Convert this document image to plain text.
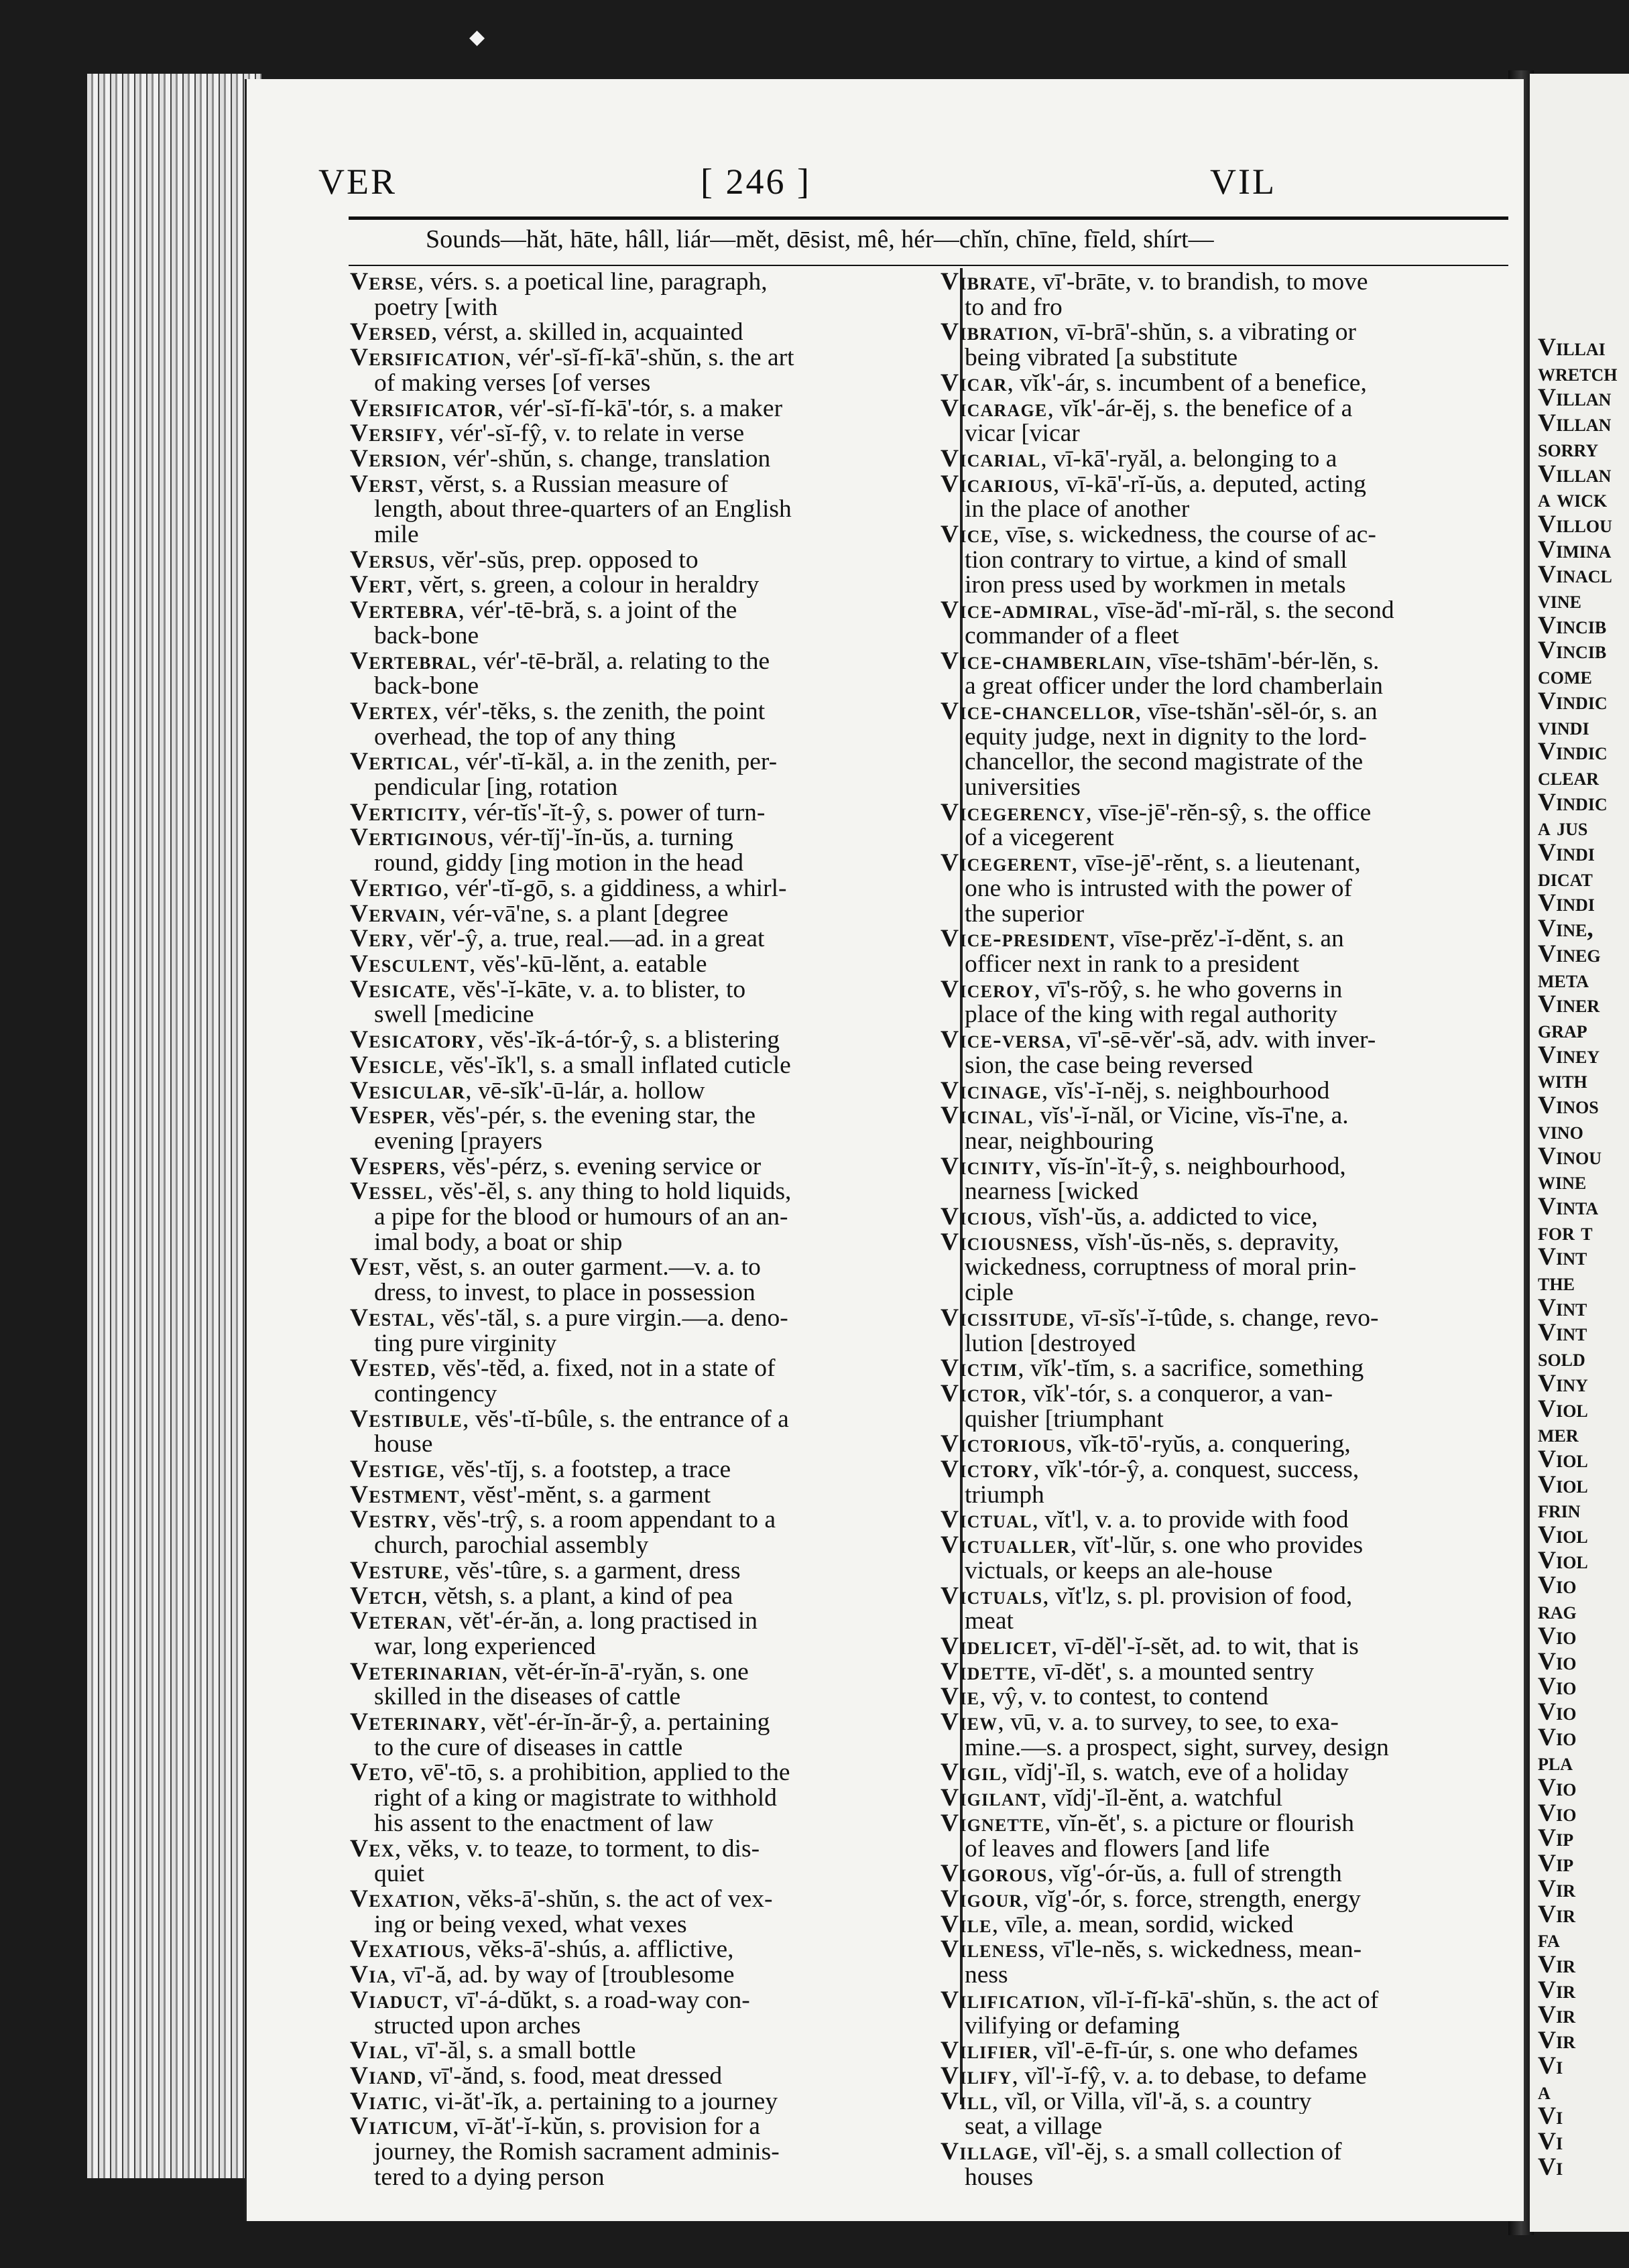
Villai
wretch
Villan
Villan
sorry
Villan
a wick
Villou
Vimina
Vinacl
vine
Vincib
Vincib
come
Vindic
vindi
Vindic
clear
Vindic
a jus
Vindi
dicat
Vindi
Vine,
Vineg
meta
Viner
grap
Viney
with
Vinos
vino
Vinou
wine
Vinta
for t
Vint
the
Vint
Vint
sold
Viny
Viol
mer
Viol
Viol
frin
Viol
Viol
Vio
rag
Vio
Vio
Vio
Vio
Vio
pla
Vio
Vio
Vip
Vip
Vir
Vir
fa
Vir
Vir
Vir
Vir
Vi
a
Vi
Vi
Vi
◆
VER	[ 246 ]	VIL
Sounds—hăt, hāte, hâll, liár—mĕt, dēsist, mê, hér—chĭn, chīne, fīeld, shírt—
Verse, vérs. s. a poetical line, paragraph,
poetry [with
Versed, vérst, a. skilled in, acquainted
Versification, vér'-sĭ-fĭ-kā'-shŭn, s. the art
of making verses [of verses
Versificator, vér'-sĭ-fĭ-kā'-tór, s. a maker
Versify, vér'-sĭ-fŷ, v. to relate in verse
Version, vér'-shŭn, s. change, translation
Verst, vĕrst, s. a Russian measure of
length, about three-quarters of an English
mile
Versus, vĕr'-sŭs, prep. opposed to
Vert, vĕrt, s. green, a colour in heraldry
Vertebra, vér'-tē-bră, s. a joint of the
back-bone
Vertebral, vér'-tē-brăl, a. relating to the
back-bone
Vertex, vér'-tĕks, s. the zenith, the point
overhead, the top of any thing
Vertical, vér'-tĭ-kăl, a. in the zenith, per-
pendicular [ing, rotation
Verticity, vér-tĭs'-ĭt-ŷ, s. power of turn-
Vertiginous, vér-tĭj'-ĭn-ŭs, a. turning
round, giddy [ing motion in the head
Vertigo, vér'-tĭ-gō, s. a giddiness, a whirl-
Vervain, vér-vā'ne, s. a plant [degree
Very, vĕr'-ŷ, a. true, real.—ad. in a great
Vesculent, vĕs'-kū-lĕnt, a. eatable
Vesicate, vĕs'-ĭ-kāte, v. a. to blister, to
swell [medicine
Vesicatory, vĕs'-ĭk-á-tór-ŷ, s. a blistering
Vesicle, vĕs'-ĭk'l, s. a small inflated cuticle
Vesicular, vē-sĭk'-ū-lár, a. hollow
Vesper, vĕs'-pér, s. the evening star, the
evening [prayers
Vespers, vĕs'-pérz, s. evening service or
Vessel, vĕs'-ĕl, s. any thing to hold liquids,
a pipe for the blood or humours of an an-
imal body, a boat or ship
Vest, vĕst, s. an outer garment.—v. a. to
dress, to invest, to place in possession
Vestal, vĕs'-tăl, s. a pure virgin.—a. deno-
ting pure virginity
Vested, vĕs'-tĕd, a. fixed, not in a state of
contingency
Vestibule, vĕs'-tĭ-bûle, s. the entrance of a
house
Vestige, vĕs'-tĭj, s. a footstep, a trace
Vestment, vĕst'-mĕnt, s. a garment
Vestry, vĕs'-trŷ, s. a room appendant to a
church, parochial assembly
Vesture, vĕs'-tûre, s. a garment, dress
Vetch, vĕtsh, s. a plant, a kind of pea
Veteran, vĕt'-ér-ăn, a. long practised in
war, long experienced
Veterinarian, vĕt-ér-ĭn-ā'-ryăn, s. one
skilled in the diseases of cattle
Veterinary, vĕt'-ér-ĭn-ăr-ŷ, a. pertaining
to the cure of diseases in cattle
Veto, vē'-tō, s. a prohibition, applied to the
right of a king or magistrate to withhold
his assent to the enactment of law
Vex, vĕks, v. to teaze, to torment, to dis-
quiet
Vexation, vĕks-ā'-shŭn, s. the act of vex-
ing or being vexed, what vexes
Vexatious, vĕks-ā'-shús, a. afflictive,
Via, vī'-ă, ad. by way of [troublesome
Viaduct, vī'-á-dŭkt, s. a road-way con-
structed upon arches
Vial, vī'-ăl, s. a small bottle
Viand, vī'-ănd, s. food, meat dressed
Viatic, vi-ăt'-ĭk, a. pertaining to a journey
Viaticum, vī-ăt'-ĭ-kŭn, s. provision for a
journey, the Romish sacrament adminis-
tered to a dying person
Vibrate, vī'-brāte, v. to brandish, to move
to and fro
Vibration, vī-brā'-shŭn, s. a vibrating or
being vibrated [a substitute
Vicar, vĭk'-ár, s. incumbent of a benefice,
Vicarage, vĭk'-ár-ĕj, s. the benefice of a
vicar [vicar
Vicarial, vī-kā'-ryăl, a. belonging to a
Vicarious, vī-kā'-rĭ-ŭs, a. deputed, acting
in the place of another
Vice, vīse, s. wickedness, the course of ac-
tion contrary to virtue, a kind of small
iron press used by workmen in metals
Vice-admiral, vīse-ăd'-mĭ-răl, s. the second
commander of a fleet
Vice-chamberlain, vīse-tshām'-bér-lĕn, s.
a great officer under the lord chamberlain
Vice-chancellor, vīse-tshăn'-sĕl-ór, s. an
equity judge, next in dignity to the lord-
chancellor, the second magistrate of the
universities
Vicegerency, vīse-jē'-rĕn-sŷ, s. the office
of a vicegerent
Vicegerent, vīse-jē'-rĕnt, s. a lieutenant,
one who is intrusted with the power of
the superior
Vice-president, vīse-prĕz'-ĭ-dĕnt, s. an
officer next in rank to a president
Viceroy, vī's-rŏŷ, s. he who governs in
place of the king with regal authority
Vice-versa, vī'-sē-vĕr'-să, adv. with inver-
sion, the case being reversed
Vicinage, vĭs'-ĭ-nĕj, s. neighbourhood
Vicinal, vĭs'-ĭ-năl, or Vicine, vĭs-ī'ne, a.
near, neighbouring
Vicinity, vĭs-ĭn'-ĭt-ŷ, s. neighbourhood,
nearness [wicked
Vicious, vĭsh'-ŭs, a. addicted to vice,
Viciousness, vĭsh'-ŭs-nĕs, s. depravity,
wickedness, corruptness of moral prin-
ciple
Vicissitude, vī-sĭs'-ĭ-tûde, s. change, revo-
lution [destroyed
Victim, vĭk'-tĭm, s. a sacrifice, something
Victor, vĭk'-tór, s. a conqueror, a van-
quisher [triumphant
Victorious, vĭk-tō'-ryŭs, a. conquering,
Victory, vĭk'-tór-ŷ, a. conquest, success,
triumph
Victual, vĭt'l, v. a. to provide with food
Victualler, vĭt'-lŭr, s. one who provides
victuals, or keeps an ale-house
Victuals, vĭt'lz, s. pl. provision of food,
meat
Videlicet, vī-dĕl'-ĭ-sĕt, ad. to wit, that is
Vidette, vī-dĕt', s. a mounted sentry
Vie, vŷ, v. to contest, to contend
View, vū, v. a. to survey, to see, to exa-
mine.—s. a prospect, sight, survey, design
Vigil, vĭdj'-ĭl, s. watch, eve of a holiday
Vigilant, vĭdj'-ĭl-ĕnt, a. watchful
Vignette, vĭn-ĕt', s. a picture or flourish
of leaves and flowers [and life
Vigorous, vĭg'-ór-ŭs, a. full of strength
Vigour, vĭg'-ór, s. force, strength, energy
Vile, vīle, a. mean, sordid, wicked
Vileness, vī'le-nĕs, s. wickedness, mean-
ness
Vilification, vĭl-ĭ-fĭ-kā'-shŭn, s. the act of
vilifying or defaming
Vilifier, vĭl'-ē-fī-úr, s. one who defames
Vilify, vĭl'-ĭ-fŷ, v. a. to debase, to defame
Vill, vĭl, or Villa, vĭl'-ă, s. a country
seat, a village
Village, vĭl'-ĕj, s. a small collection of
houses
